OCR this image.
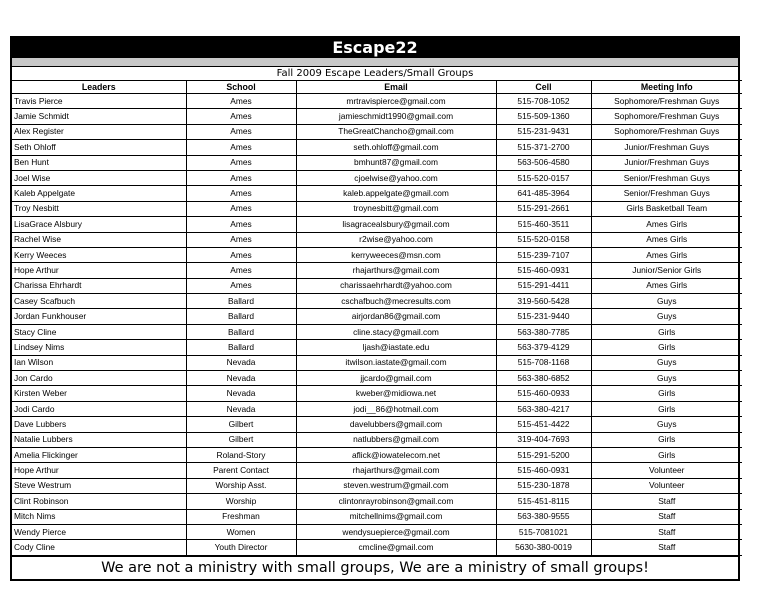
Escape22
Fall 2009 Escape Leaders/Small Groups
Leaders	School	Email	Cell	Meeting Info
Travis Pierce	Ames	mrtravispierce@gmail.com	515-708-1052	Sophomore/Freshman Guys
Jamie Schmidt	Ames	jamieschmidt1990@gmail.com	515-509-1360	Sophomore/Freshman Guys
Alex Register	Ames	TheGreatChancho@gmail.com	515-231-9431	Sophomore/Freshman Guys
Seth Ohloff	Ames	seth.ohloff@gmail.com	515-371-2700	Junior/Freshman Guys
Ben Hunt	Ames	bmhunt87@gmail.com	563-506-4580	Junior/Freshman Guys
Joel Wise	Ames	cjoelwise@yahoo.com	515-520-0157	Senior/Freshman Guys
Kaleb Appelgate	Ames	kaleb.appelgate@gmail.com	641-485-3964	Senior/Freshman Guys
Troy Nesbitt	Ames	troynesbitt@gmail.com	515-291-2661	Girls Basketball Team
LisaGrace Alsbury	Ames	lisagracealsbury@gmail.com	515-460-3511	Ames Girls
Rachel Wise	Ames	r2wise@yahoo.com	515-520-0158	Ames Girls
Kerry Weeces	Ames	kerryweeces@msn.com	515-239-7107	Ames Girls
Hope Arthur	Ames	rhajarthurs@gmail.com	515-460-0931	Junior/Senior Girls
Charissa Ehrhardt	Ames	charissaehrhardt@yahoo.com	515-291-4411	Ames Girls
Casey Scafbuch	Ballard	cschafbuch@mecresults.com	319-560-5428	Guys
Jordan Funkhouser	Ballard	airjordan86@gmail.com	515-231-9440	Guys
Stacy Cline	Ballard	cline.stacy@gmail.com	563-380-7785	Girls
Lindsey Nims	Ballard	ljash@iastate.edu	563-379-4129	Girls
Ian Wilson	Nevada	itwilson.iastate@gmail.com	515-708-1168	Guys
Jon Cardo	Nevada	jjcardo@gmail.com	563-380-6852	Guys
Kirsten Weber	Nevada	kweber@midiowa.net	515-460-0933	Girls
Jodi Cardo	Nevada	jodi__86@hotmail.com	563-380-4217	Girls
Dave Lubbers	Gilbert	davelubbers@gmail.com	515-451-4422	Guys
Natalie Lubbers	Gilbert	natlubbers@gmail.com	319-404-7693	Girls
Amelia Flickinger	Roland-Story	aflick@iowatelecom.net	515-291-5200	Girls
Hope Arthur	Parent Contact	rhajarthurs@gmail.com	515-460-0931	Volunteer
Steve Westrum	Worship Asst.	steven.westrum@gmail.com	515-230-1878	Volunteer
Clint Robinson	Worship	clintonrayrobinson@gmail.com	515-451-8115	Staff
Mitch Nims	Freshman	mitchellnims@gmail.com	563-380-9555	Staff
Wendy Pierce	Women	wendysuepierce@gmail.com	515-7081021	Staff
Cody Cline	Youth Director	cmcline@gmail.com	5630-380-0019	Staff
We are not a ministry with small groups, We are a ministry of small groups!
